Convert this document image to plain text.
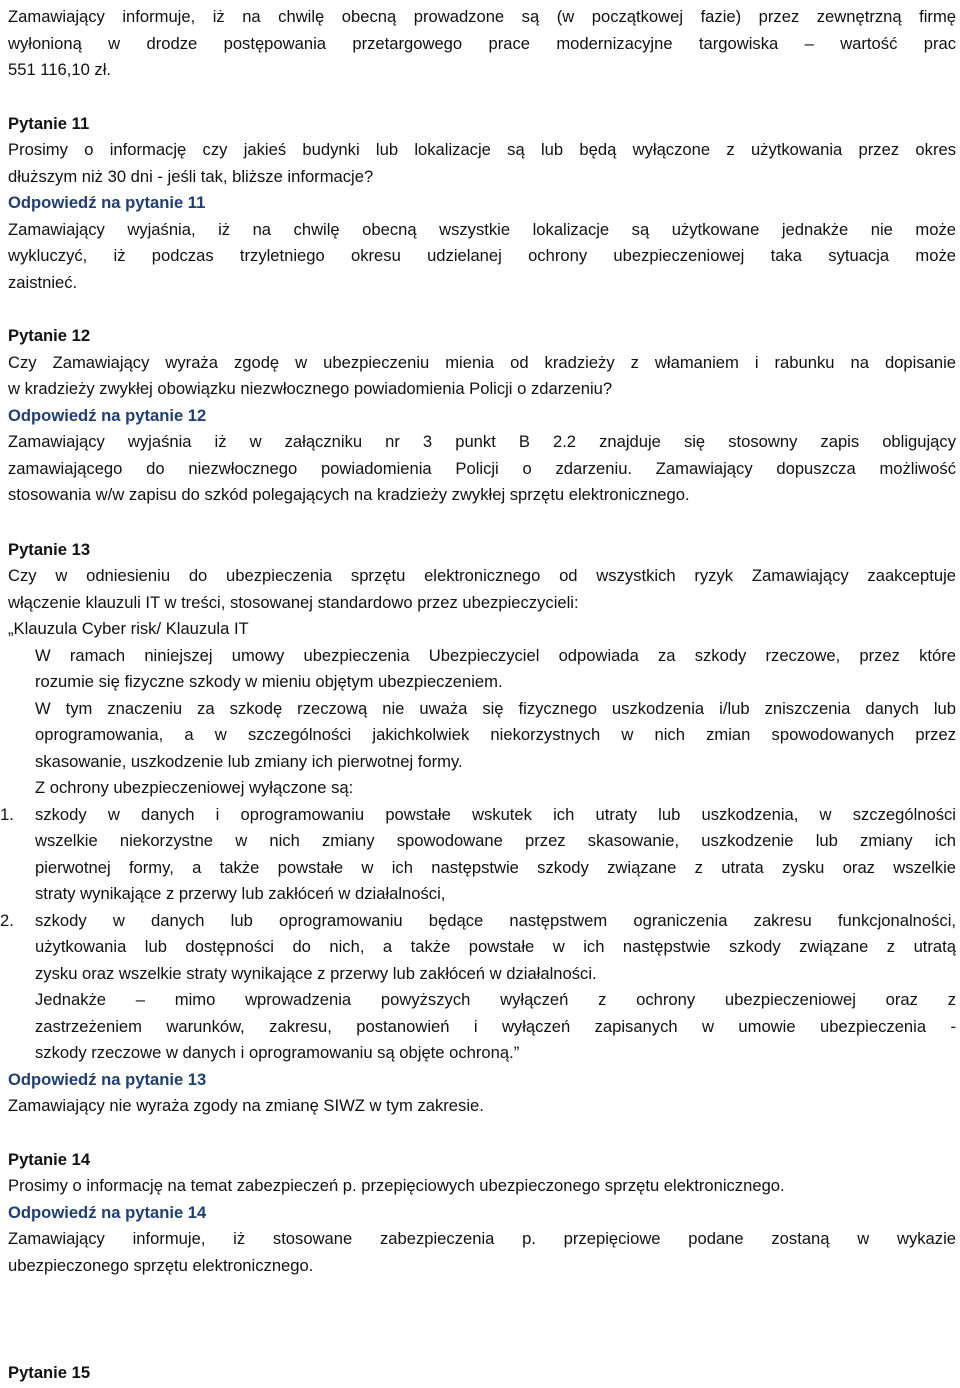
Zamawiający informuje, iż na chwilę obecną prowadzone są (w początkowej fazie) przez zewnętrzną firmę
wyłonioną w drodze postępowania przetargowego prace modernizacyjne targowiska – wartość prac
551 116,10 zł.
Pytanie 11
Prosimy o informację czy jakieś budynki lub lokalizacje są lub będą wyłączone z użytkowania przez okres
dłuższym niż 30 dni - jeśli tak, bliższe informacje?
Odpowiedź na pytanie 11
Zamawiający wyjaśnia, iż na chwilę obecną wszystkie lokalizacje są użytkowane jednakże nie może
wykluczyć, iż podczas trzyletniego okresu udzielanej ochrony ubezpieczeniowej taka sytuacja może
zaistnieć.
Pytanie 12
Czy Zamawiający wyraża zgodę w ubezpieczeniu mienia od kradzieży z włamaniem i rabunku na dopisanie
w kradzieży zwykłej obowiązku niezwłocznego powiadomienia Policji o zdarzeniu?
Odpowiedź na pytanie 12
Zamawiający wyjaśnia iż w załączniku nr 3 punkt B 2.2 znajduje się stosowny zapis obligujący
zamawiającego do niezwłocznego powiadomienia Policji o zdarzeniu. Zamawiający dopuszcza możliwość
stosowania w/w zapisu do szkód polegających na kradzieży zwykłej sprzętu elektronicznego.
Pytanie 13
Czy w odniesieniu do ubezpieczenia sprzętu elektronicznego od wszystkich ryzyk Zamawiający zaakceptuje
włączenie klauzuli IT w treści, stosowanej standardowo przez ubezpieczycieli:
„Klauzula Cyber risk/ Klauzula IT
W ramach niniejszej umowy ubezpieczenia Ubezpieczyciel odpowiada za szkody rzeczowe, przez które
rozumie się fizyczne szkody w mieniu objętym ubezpieczeniem.
W tym znaczeniu za szkodę rzeczową nie uważa się fizycznego uszkodzenia i/lub zniszczenia danych lub
oprogramowania, a w szczególności jakichkolwiek niekorzystnych w nich zmian spowodowanych przez
skasowanie, uszkodzenie lub zmiany ich pierwotnej formy.
Z ochrony ubezpieczeniowej wyłączone są:
1. szkody w danych i oprogramowaniu powstałe wskutek ich utraty lub uszkodzenia, w szczególności
wszelkie niekorzystne w nich zmiany spowodowane przez skasowanie, uszkodzenie lub zmiany ich
pierwotnej formy, a także powstałe w ich następstwie szkody związane z utrata zysku oraz wszelkie
straty wynikające z przerwy lub zakłóceń w działalności,
2. szkody w danych lub oprogramowaniu będące następstwem ograniczenia zakresu funkcjonalności,
użytkowania lub dostępności do nich, a także powstałe w ich następstwie szkody związane z utratą
zysku oraz wszelkie straty wynikające z przerwy lub zakłóceń w działalności.
Jednakże – mimo wprowadzenia powyższych wyłączeń z ochrony ubezpieczeniowej oraz z
zastrzeżeniem warunków, zakresu, postanowień i wyłączeń zapisanych w umowie ubezpieczenia -
szkody rzeczowe w danych i oprogramowaniu są objęte ochroną.”
Odpowiedź na pytanie 13
Zamawiający nie wyraża zgody na zmianę SIWZ w tym zakresie.
Pytanie 14
Prosimy o informację na temat zabezpieczeń p. przepięciowych ubezpieczonego sprzętu elektronicznego.
Odpowiedź na pytanie 14
Zamawiający informuje, iż stosowane zabezpieczenia p. przepięciowe podane zostaną w wykazie
ubezpieczonego sprzętu elektronicznego.
Pytanie 15
